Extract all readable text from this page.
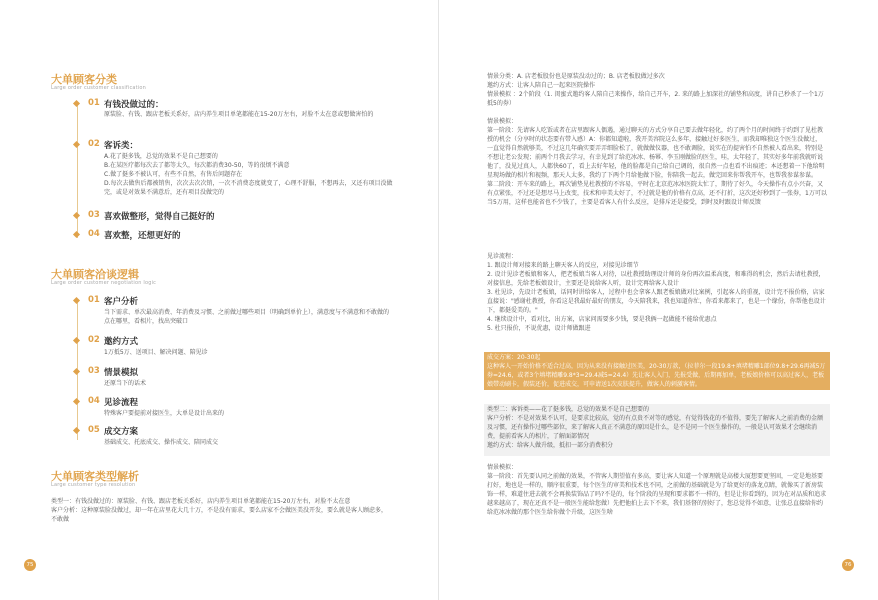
大单顾客分类

Large order customer classification

01 有钱没做过的：
原装脸、有钱、跟店老板关系好，店内养生项目单笔都能在15-20万左右，对脸不太在意或想做害怕的
02 客诉类：
A.花了挺多钱，总觉的效果不是自己想要的
B.在某医疗都每次去了都等太久，每次都消费30-50，等的很烦不满意
C.做了挺多不被认可，有些不自然，有售后问题存在
D.每次去做售后都被销售，次次去次次销，一次不消费态度就变了，心理不舒服，不想再去，又还有项目没做完，或是对效果不满意后，还有项目没做完的
03 喜欢做整形，觉得自己挺好的
04 喜欢整，还想更好的
大单顾客洽谈逻辑

Large order customer negotiation logic

01 客户分析
当下需求、单次最高消费、年消费及习惯、之前做过哪些项目（明确到单价上），满意度与不满意和不敢做的点在哪里，看相片，找出突破口
02 邀约方式
1万抵5万、送项目、解决问题、陪见诊
03 情景模拟
还原当下的话术
04 见诊流程
特殊客户要提前对接医生，大单是设计出来的
05 成交方案
基础成交、托底成交、操作成交、陪同成交
大单顾客类型解析

Large customer type resolution

类型一：有钱没做过的：原装脸、有钱、跟店老板关系好，店内养生项目单笔都能在15-20万左右，对脸不太在意
客户分析：这种原装脸没做过，却一年在店里花大几十万，不是没有需求，要么店家不会做医美没开发，要么就是客人顾虑多，不敢做
75
情景分类：A. 店老板股份也是原装没动过的；B. 店老板股做过多次
邀约方式：让客人陪自己一起来医院操作
情景模拟 ：2个阶段（1. 闺蜜式邀约客人陪自己来操作，给自己开车，2. 来的路上加深社的铺垫和高度，讲自己秒杀了一个1万抵5的券）
情景模拟：
第一阶段：先请客人吃饭或者在店里跟客人偶遇，通过聊天的方式分享自己要去做年轻化，约了两个月的时间终于约到了见杜教授的机会（分享时的状态要有带入感）A：你都知道啦，我开美容院这么多年，接触过好多医生，而我却唯独这个医生没做过，一直觉得自然就够美，不过这几年确实要弄弄细脸松了，就做做仪器，也不敢调脸，说实在的提害怕不自然被人看出来，特别是不想让老公发现；前两个月我去学习，有幸见到了给范冰冰、杨幂、李玉刚做脸的医生，哇，太年轻了，其实好多年前我就听说他了，没见过真人，人都快60了，看上去好年轻，他的脸都是自己给自己调的，很自然一点也看不出痕迹；本还想着一下他给明星现场做的相片和视频，那天人太多，我约了下两个月给他做下脸，你陪我一起去，做完回来你帮我开车，也帮我参谋参谋。
第二阶段：开车来的路上，再次铺垫见杜教授的不容易，平时在北京范冰冰医院太忙了，期待了好久，今天操作有点小兴奋，又有点紧张，不过还是想尽马上改变，技术和申美太好了，不过就是他的价格有点高，还不打折，这次还好秒到了一张券，1万可以当5万用，这样也能省也不少钱了，主要是看客人有什么反应，是排斥还是接受，到时及时跟设计师反馈
见诊流程：
1. 跟设计师对接来的路上聊天客人的反应，对接见诊细节
2. 设计见诊老板娘和客人，把老板娘当客人对待，以杜教授助理设计师的身份再次温柔高度，和难得的机会，然后去请杜教授，对接信息，先给老板娘设计，主要还是说给客人听，设计完再给客人设计
3. 杜见诊，先设计老板娘，话同时讲给客人，过程中也会拿客人跟老板娘做对比案例，引起客人的重视，设计完不报价格，店家直接说："感谢杜教授，你看这是我最好最好的朋友，今天陪我来，我也知道你忙，你看来都来了，也是一个缘份，你帮他也设计下，都挺爱美的。"
4. 继续设计中，看对比，出方案，店家问需要多少钱，要是我俩一起做能不能给优惠点
5. 杜只报价，不说优惠，设计师做跟进
成交方案：20-30起
这种客人一开始价格不适合过高，因为从来没有接触过医美，20-30万款，（拉菲尔一段19.8+填堵精雕1部位9.8+29.6再减5万券=24.6，或者3个填堵精雕9.8*3=29.4减5=24.4）先让客人入门，先报受做，后期再加单，老板娘价格可以高过客人，老板娘带动刷卡，假装还价，促进成交，可申请送1次皮肤提升，做客人的刺激客情。
类型二：客诉类——花了挺多钱，总觉的效果不是自己想要的
客户分析：不是对效果不认可，是要求比较高，觉的有点贵不对等的感觉，有觉得钱花的不值得，要先了解客人之前消费的金额及习惯，还有操作过哪些部位，来了解客人真正不满意的原因是什么，是不是同一个医生操作的，一般是认可效果才会继续消费，提前看客人的相片，了解面部情况
邀约方式：给客人做升级，抵扣一部分消费积分
情景模拟：
第一阶段：首先要认同之前做的效果，不管客人期望值有多高，要让客人知道一个原理就是高楼大厦想要更坚固，一定是地基要打好，地也是一样的，顺序很重要，每个医生的审美和技术也不同，之前做的基础就是为了给更好的落龙点睛，就像买了新房装饰一样，难道住进去就不会再换装饰品了吗?不是的，每个阶段的呈现和要求都不一样的，但是让你看到的，因为在对品质和追求越来越高了，现在还真不是一般医生能给您做）先把他拍上去下不来，我们基督的别好了，您总觉得不如意，让张总直接给你约给范冰冰做的那个医生给你做个升级，这医生啥
76
